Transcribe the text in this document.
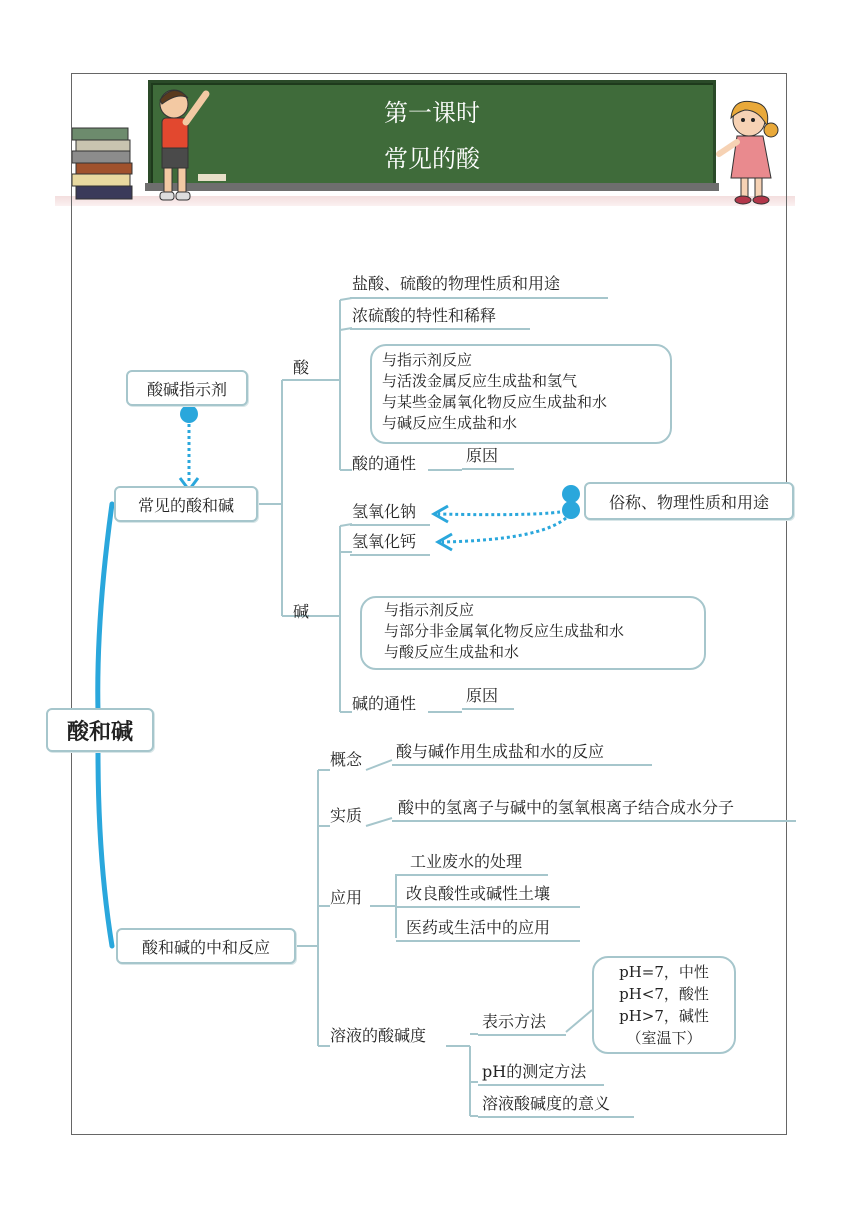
第一课时
常见的酸
酸和碱
酸碱指示剂
常见的酸和碱
酸
盐酸、硫酸的物理性质和用途
浓硫酸的特性和稀释
与指示剂反应
与活泼金属反应生成盐和氢气
与某些金属氧化物反应生成盐和水
与碱反应生成盐和水
酸的通性	原因
碱
氢氧化钠
氢氧化钙
俗称、物理性质和用途
与指示剂反应
与部分非金属氧化物反应生成盐和水
与酸反应生成盐和水
碱的通性	原因
酸和碱的中和反应
概念 酸与碱作用生成盐和水的反应
实质 酸中的氢离子与碱中的氢氧根离子结合成水分子
应用
工业废水的处理
改良酸性或碱性土壤
医药或生活中的应用
溶液的酸碱度
表示方法
pH=7，中性
pH<7，酸性
pH>7，碱性
（室温下）
pH的测定方法
溶液酸碱度的意义
